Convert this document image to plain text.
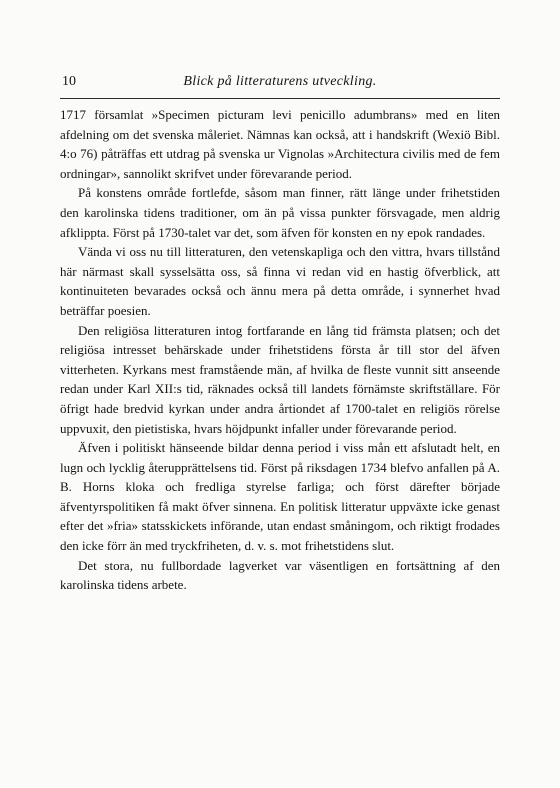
10	Blick på litteraturens utveckling.

1717 församlat »Specimen picturam levi penicillo adumbrans» med en liten afdelning om det svenska måleriet. Nämnas kan också, att i handskrift (Wexiö Bibl. 4:o 76) påträffas ett utdrag på svenska ur Vignolas »Architectura civilis med de fem ordningar», sannolikt skrifvet under förevarande period.

På konstens område fortlefde, såsom man finner, rätt länge under frihetstiden den karolinska tidens traditioner, om än på vissa punkter försvagade, men aldrig afklippta. Först på 1730-talet var det, som äfven för konsten en ny epok randades.

Vända vi oss nu till litteraturen, den vetenskapliga och den vittra, hvars tillstånd här närmast skall sysselsätta oss, så finna vi redan vid en hastig öfverblick, att kontinuiteten bevarades också och ännu mera på detta område, i synnerhet hvad beträffar poesien.

Den religiösa litteraturen intog fortfarande en lång tid främsta platsen; och det religiösa intresset behärskade under frihetstidens första år till stor del äfven vitterheten. Kyrkans mest framstående män, af hvilka de fleste vunnit sitt anseende redan under Karl XII:s tid, räknades också till landets förnämste skriftställare. För öfrigt hade bredvid kyrkan under andra årtiondet af 1700-talet en religiös rörelse uppvuxit, den pietistiska, hvars höjdpunkt infaller under förevarande period.

Äfven i politiskt hänseende bildar denna period i viss mån ett afslutadt helt, en lugn och lycklig återupprättelsens tid. Först på riksdagen 1734 blefvo anfallen på A. B. Horns kloka och fredliga styrelse farliga; och först därefter började äfventyrspolitiken få makt öfver sinnena. En politisk litteratur uppväxte icke genast efter det »fria» statsskickets införande, utan endast småningom, och riktigt frodades den icke förr än med tryckfriheten, d. v. s. mot frihetstidens slut.

Det stora, nu fullbordade lagverket var väsentligen en fortsättning af den karolinska tidens arbete.
